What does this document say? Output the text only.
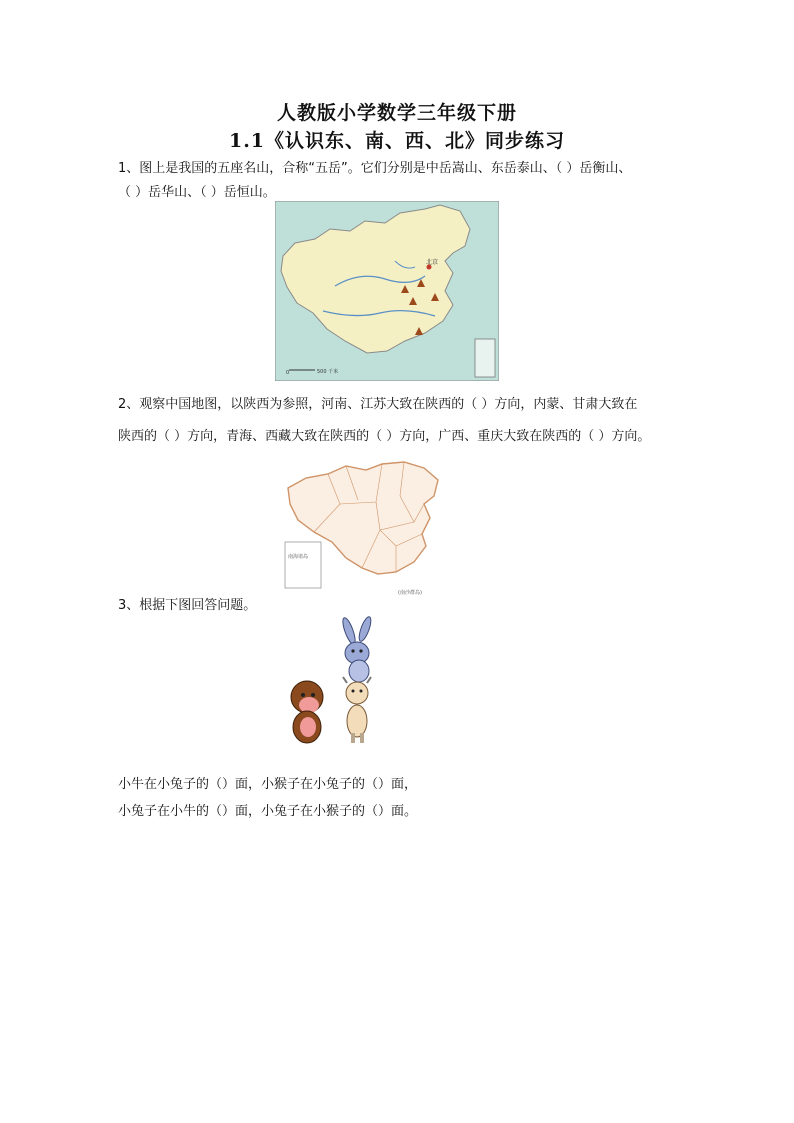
人教版小学数学三年级下册
1.1《认识东、南、西、北》同步练习
1、图上是我国的五座名山，合称“五岳”。它们分别是中岳嵩山、东岳泰山、（ ）岳衡山、
（ ）岳华山、（ ）岳恒山。
北京
0	500 千米
2、观察中国地图，以陕西为参照，河南、江苏大致在陕西的（ ）方向，内蒙、甘肃大致在
陕西的（ ）方向，青海、西藏大致在陕西的（ ）方向，广西、重庆大致在陕西的（ ）方向。
南海诸岛
(南沙群岛)
3、根据下图回答问题。
小牛在小兔子的（）面，小猴子在小兔子的（）面，
小兔子在小牛的（）面，小兔子在小猴子的（）面。
